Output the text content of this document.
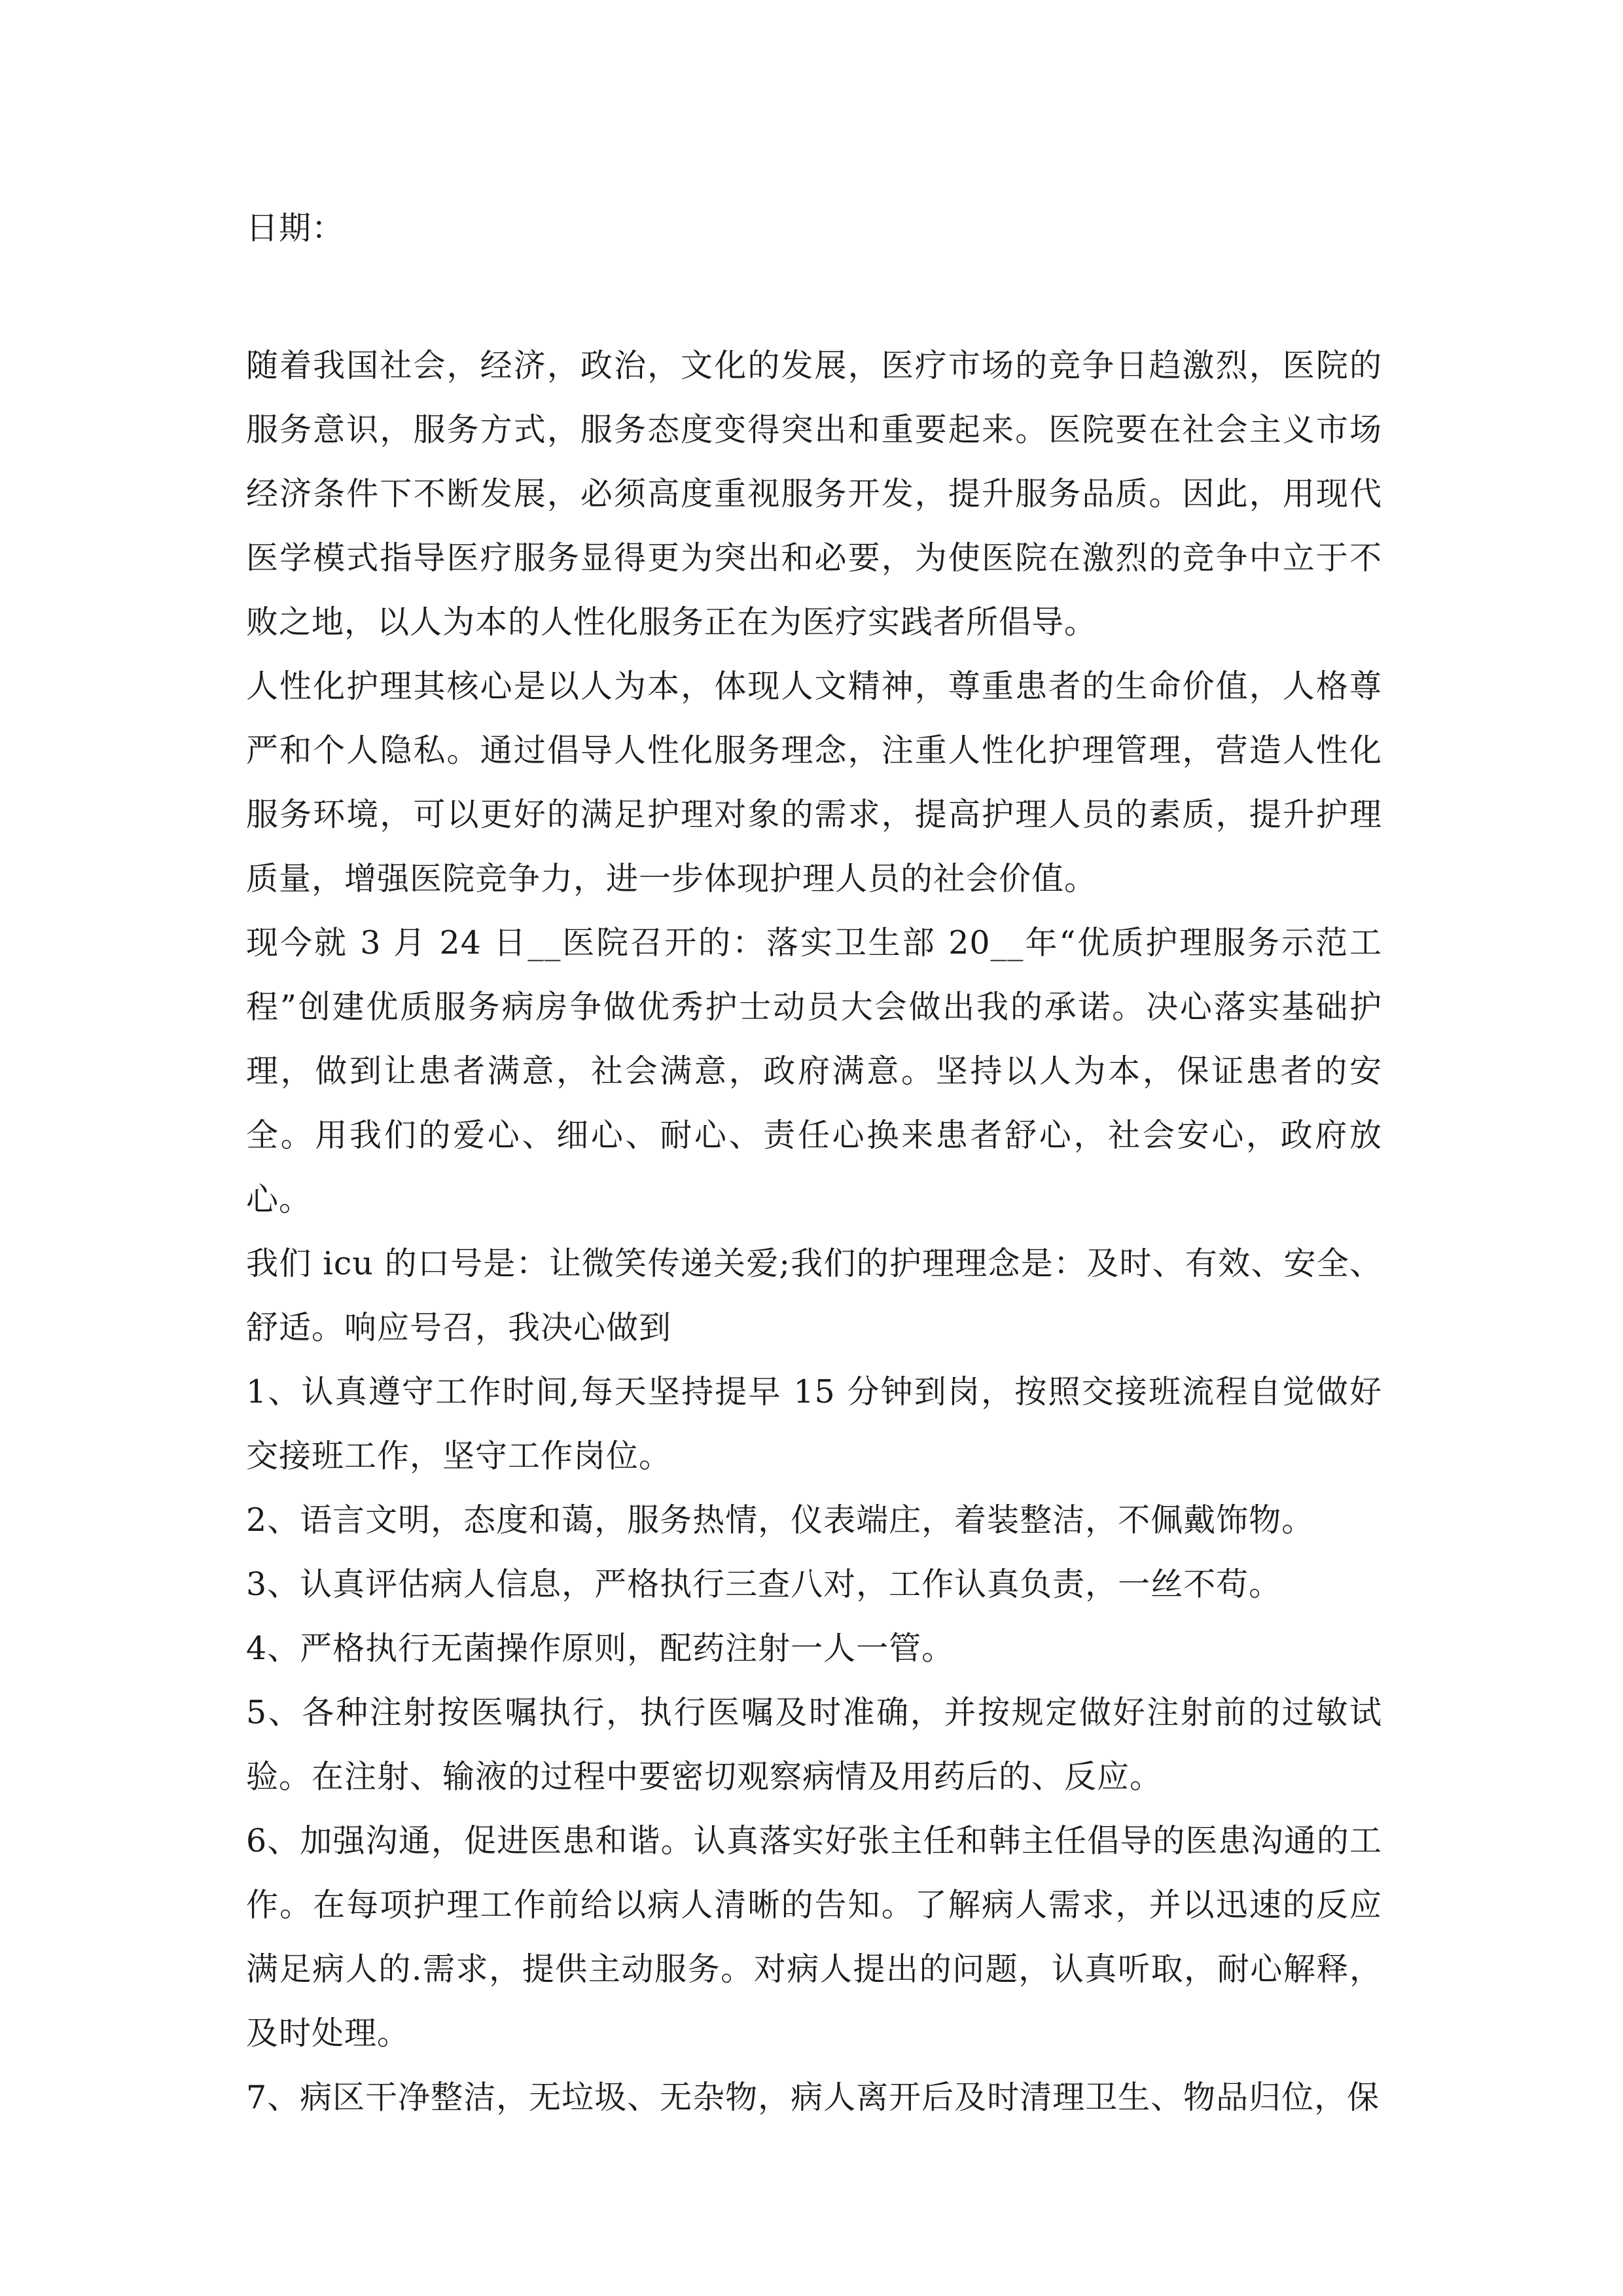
日期：

随着我国社会，经济，政治，文化的发展，医疗市场的竞争日趋激烈，医院的服务意识，服务方式，服务态度变得突出和重要起来。医院要在社会主义市场经济条件下不断发展，必须高度重视服务开发，提升服务品质。因此，用现代医学模式指导医疗服务显得更为突出和必要，为使医院在激烈的竞争中立于不败之地，以人为本的人性化服务正在为医疗实践者所倡导。

人性化护理其核心是以人为本，体现人文精神，尊重患者的生命价值，人格尊严和个人隐私。通过倡导人性化服务理念，注重人性化护理管理，营造人性化服务环境，可以更好的满足护理对象的需求，提高护理人员的素质，提升护理质量，增强医院竞争力，进一步体现护理人员的社会价值。

现今就 3 月 24 日__医院召开的：落实卫生部 20__年“优质护理服务示范工程”创建优质服务病房争做优秀护士动员大会做出我的承诺。决心落实基础护理，做到让患者满意，社会满意，政府满意。坚持以人为本，保证患者的安全。用我们的爱心、细心、耐心、责任心换来患者舒心，社会安心，政府放心。

我们 icu 的口号是：让微笑传递关爱;我们的护理理念是：及时、有效、安全、舒适。响应号召，我决心做到

1、认真遵守工作时间,每天坚持提早 15 分钟到岗，按照交接班流程自觉做好交接班工作，坚守工作岗位。

2、语言文明，态度和蔼，服务热情，仪表端庄，着装整洁，不佩戴饰物。

3、认真评估病人信息，严格执行三查八对，工作认真负责，一丝不苟。

4、严格执行无菌操作原则，配药注射一人一管。

5、各种注射按医嘱执行，执行医嘱及时准确，并按规定做好注射前的过敏试验。在注射、输液的过程中要密切观察病情及用药后的、反应。

6、加强沟通，促进医患和谐。认真落实好张主任和韩主任倡导的医患沟通的工作。在每项护理工作前给以病人清晰的告知。了解病人需求，并以迅速的反应满足病人的.需求，提供主动服务。对病人提出的问题，认真听取，耐心解释，及时处理。

7、病区干净整洁，无垃圾、无杂物，病人离开后及时清理卫生、物品归位，保
